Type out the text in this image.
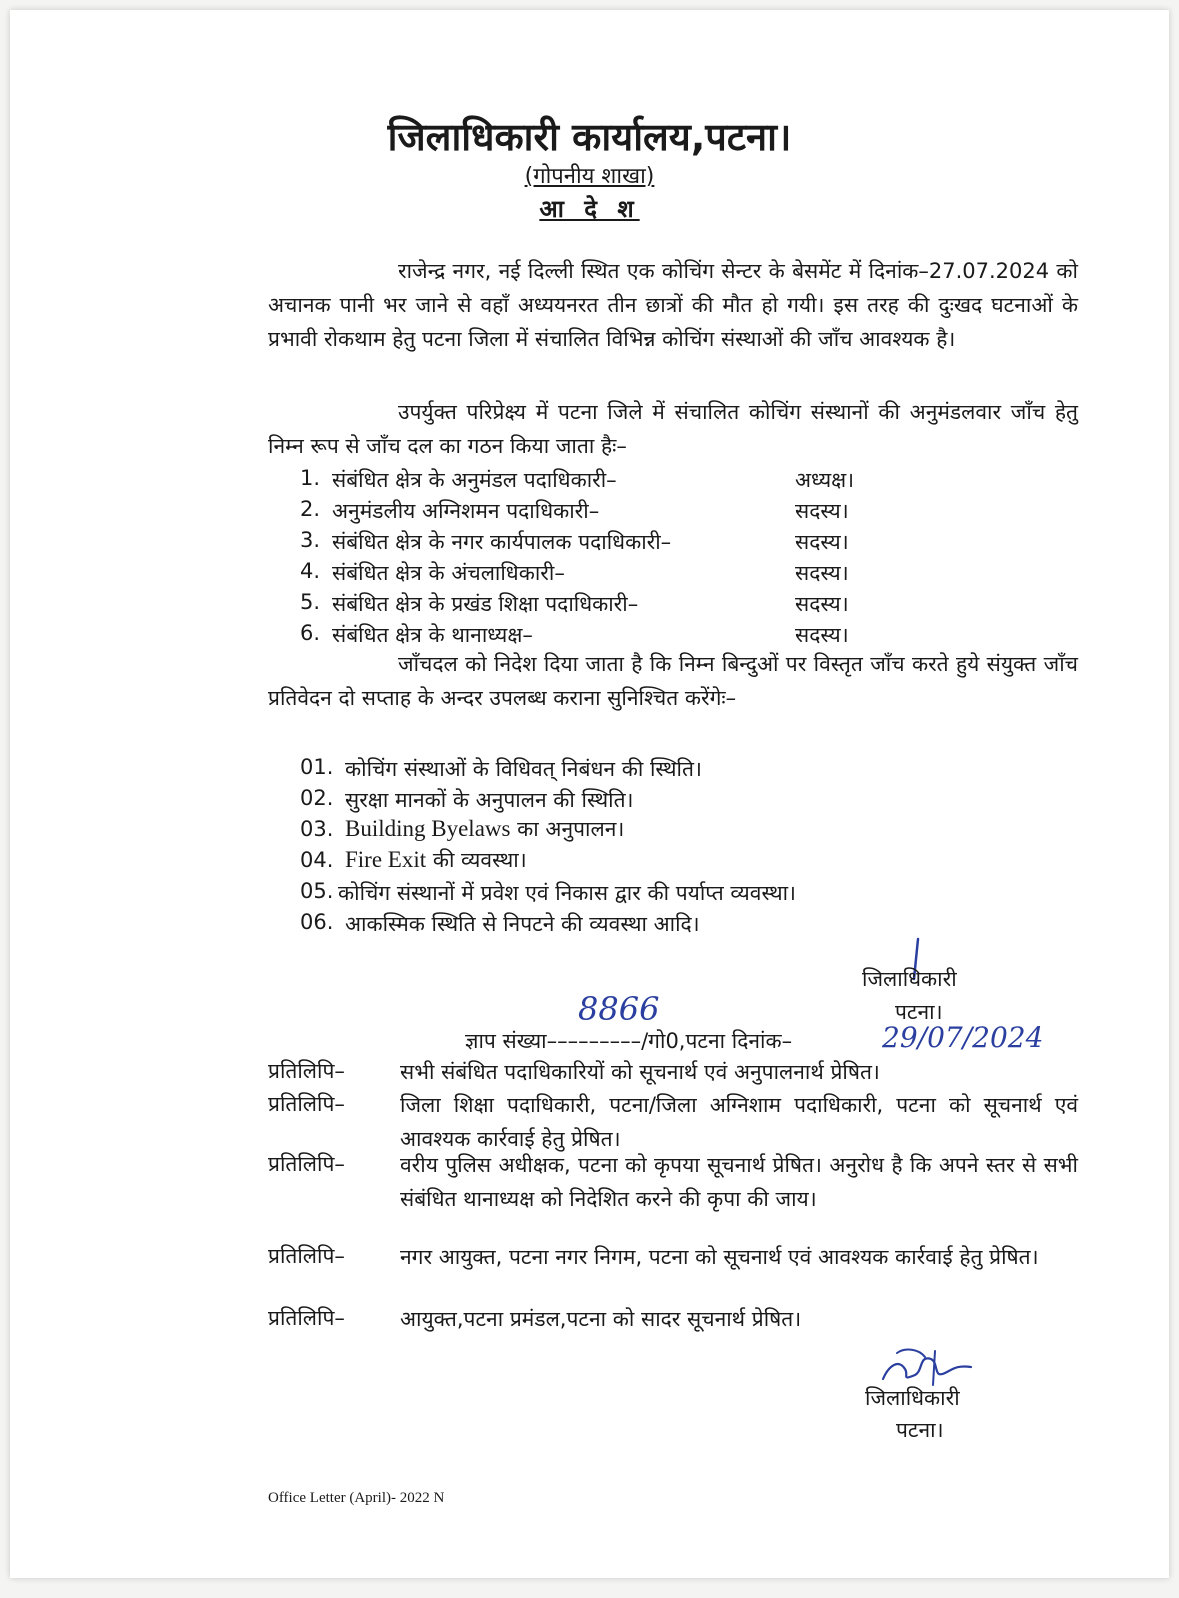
जिलाधिकारी कार्यालय,पटना।
(गोपनीय शाखा)
आ दे श
राजेन्द्र नगर, नई दिल्ली स्थित एक कोचिंग सेन्टर के बेसमेंट में दिनांक–27.07.2024 को अचानक पानी भर जाने से वहाँ अध्ययनरत तीन छात्रों की मौत हो गयी। इस तरह की दुःखद घटनाओं के प्रभावी रोकथाम हेतु पटना जिला में संचालित विभिन्न कोचिंग संस्थाओं की जाँच आवश्यक है।
उपर्युक्त परिप्रेक्ष्य में पटना जिले में संचालित कोचिंग संस्थानों की अनुमंडलवार जाँच हेतु निम्न रूप से जाँच दल का गठन किया जाता हैः–
1. संबंधित क्षेत्र के अनुमंडल पदाधिकारी–	अध्यक्ष।
2. अनुमंडलीय अग्निशमन पदाधिकारी–	सदस्य।
3. संबंधित क्षेत्र के नगर कार्यपालक पदाधिकारी–	सदस्य।
4. संबंधित क्षेत्र के अंचलाधिकारी–	सदस्य।
5. संबंधित क्षेत्र के प्रखंड शिक्षा पदाधिकारी–	सदस्य।
6. संबंधित क्षेत्र के थानाध्यक्ष–	सदस्य।
जाँचदल को निदेश दिया जाता है कि निम्न बिन्दुओं पर विस्तृत जाँच करते हुये संयुक्त जाँच प्रतिवेदन दो सप्ताह के अन्दर उपलब्ध कराना सुनिश्चित करेंगेः–
01. कोचिंग संस्थाओं के विधिवत् निबंधन की स्थिति।
02. सुरक्षा मानकों के अनुपालन की स्थिति।
03. Building Byelaws का अनुपालन।
04. Fire Exit की व्यवस्था।
05. कोचिंग संस्थानों में प्रवेश एवं निकास द्वार की पर्याप्त व्यवस्था।
06. आकस्मिक स्थिति से निपटने की व्यवस्था आदि।
जिलाधिकारी
पटना।
8866
ज्ञाप संख्या–––––––––/गो0,पटना दिनांक–	29/07/2024
प्रतिलिपि–	सभी संबंधित पदाधिकारियों को सूचनार्थ एवं अनुपालनार्थ प्रेषित।
प्रतिलिपि–	जिला शिक्षा पदाधिकारी, पटना/जिला अग्निशाम पदाधिकारी, पटना को सूचनार्थ एवं आवश्यक कार्रवाई हेतु प्रेषित।
प्रतिलिपि–	वरीय पुलिस अधीक्षक, पटना को कृपया सूचनार्थ प्रेषित। अनुरोध है कि अपने स्तर से सभी संबंधित थानाध्यक्ष को निदेशित करने की कृपा की जाय।
प्रतिलिपि–	नगर आयुक्त, पटना नगर निगम, पटना को सूचनार्थ एवं आवश्यक कार्रवाई हेतु प्रेषित।
प्रतिलिपि–	आयुक्त,पटना प्रमंडल,पटना को सादर सूचनार्थ प्रेषित।
जिलाधिकारी
पटना।
Office Letter (April)- 2022 N
